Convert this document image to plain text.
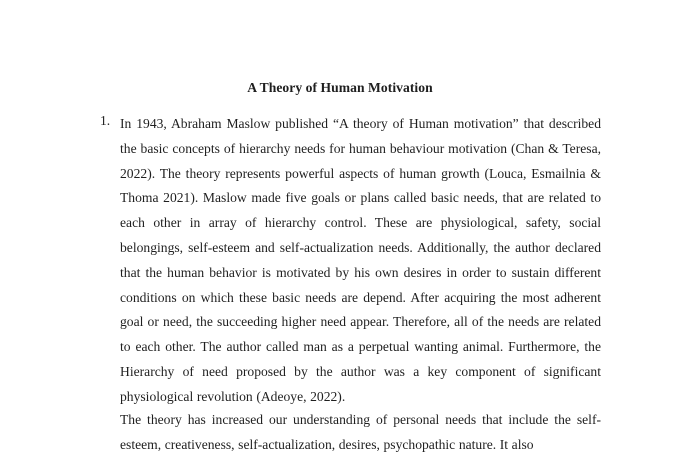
A Theory of Human Motivation
1. In 1943, Abraham Maslow published “A theory of Human motivation” that described the basic concepts of hierarchy needs for human behaviour motivation (Chan & Teresa, 2022). The theory represents powerful aspects of human growth (Louca, Esmailnia & Thoma 2021). Maslow made five goals or plans called basic needs, that are related to each other in array of hierarchy control. These are physiological, safety, social belongings, self-esteem and self-actualization needs. Additionally, the author declared that the human behavior is motivated by his own desires in order to sustain different conditions on which these basic needs are depend. After acquiring the most adherent goal or need, the succeeding higher need appear. Therefore, all of the needs are related to each other. The author called man as a perpetual wanting animal. Furthermore, the Hierarchy of need proposed by the author was a key component of significant physiological revolution (Adeoye, 2022).

The theory has increased our understanding of personal needs that include the self-esteem, creativeness, self-actualization, desires, psychopathic nature. It also
